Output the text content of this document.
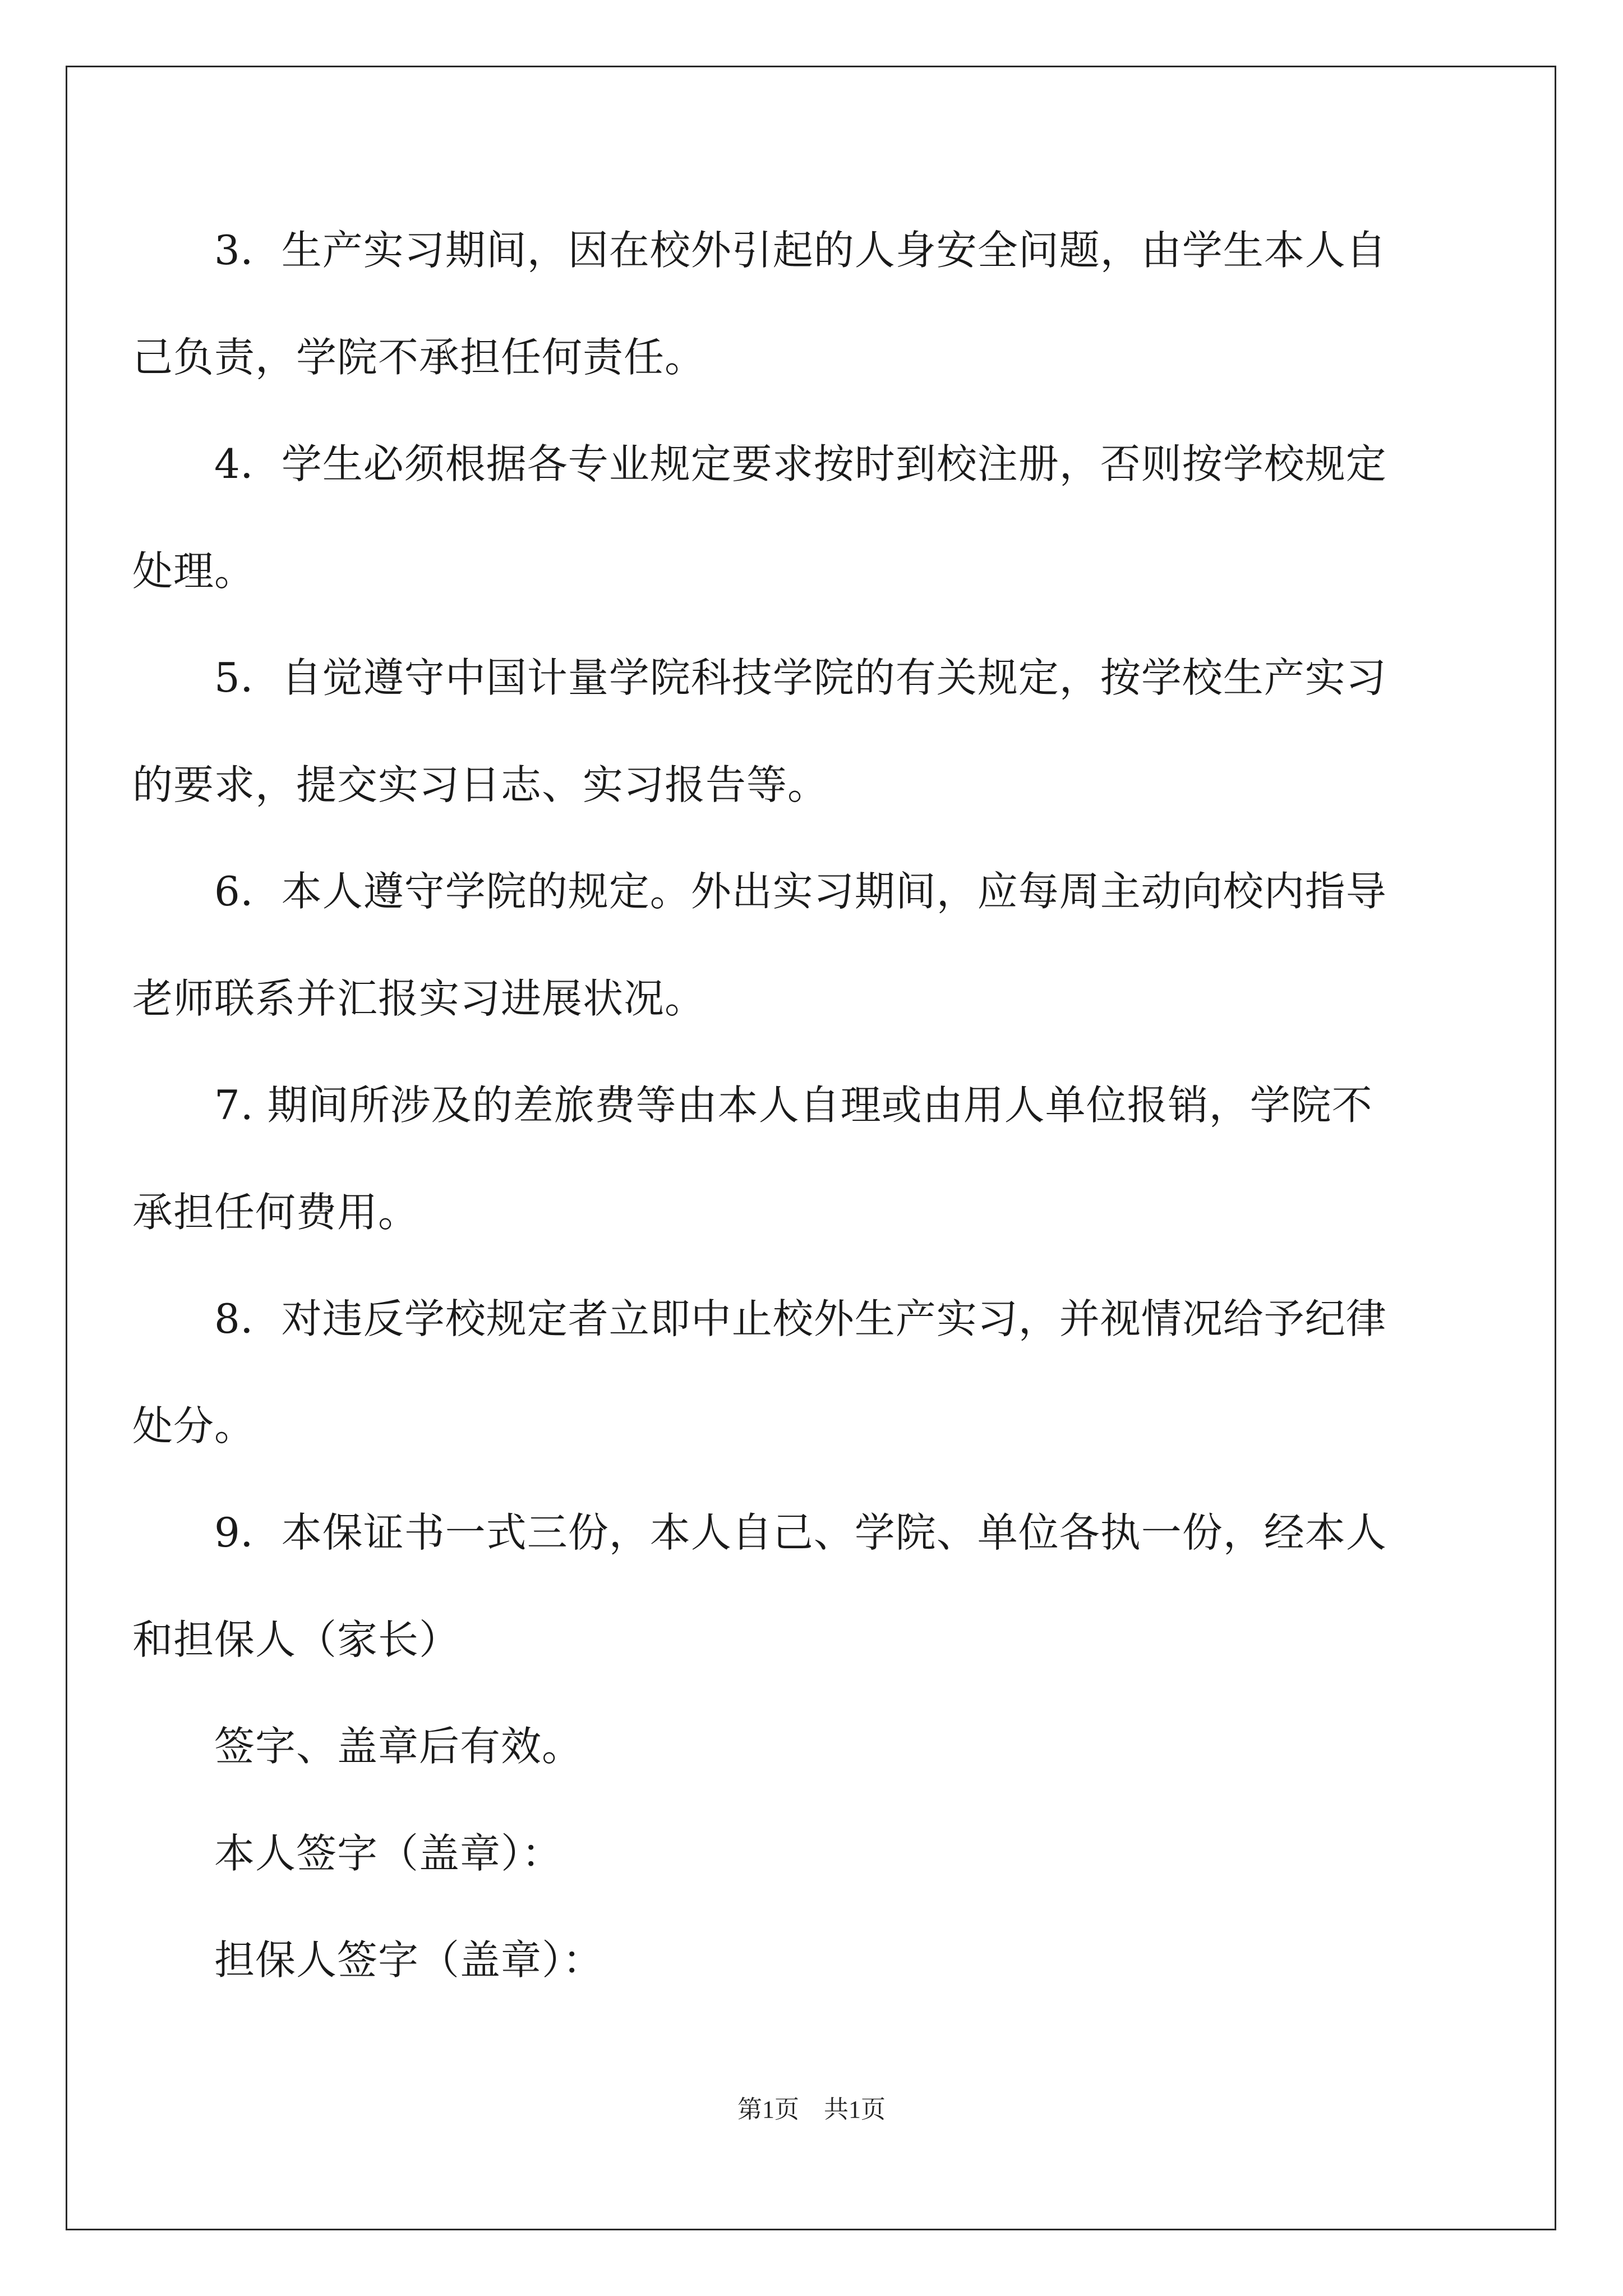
3．生产实习期间，因在校外引起的人身安全问题，由学生本人自
己负责，学院不承担任何责任。
4．学生必须根据各专业规定要求按时到校注册，否则按学校规定
处理。
5．自觉遵守中国计量学院科技学院的有关规定，按学校生产实习
的要求，提交实习日志、实习报告等。
6．本人遵守学院的规定。外出实习期间，应每周主动向校内指导
老师联系并汇报实习进展状况。
7. 期间所涉及的差旅费等由本人自理或由用人单位报销，学院不
承担任何费用。
8．对违反学校规定者立即中止校外生产实习，并视情况给予纪律
处分。
9．本保证书一式三份，本人自己、学院、单位各执一份，经本人
和担保人（家长）
签字、盖章后有效。
本人签字（盖章）：
担保人签字（盖章）：
第1页　共1页
